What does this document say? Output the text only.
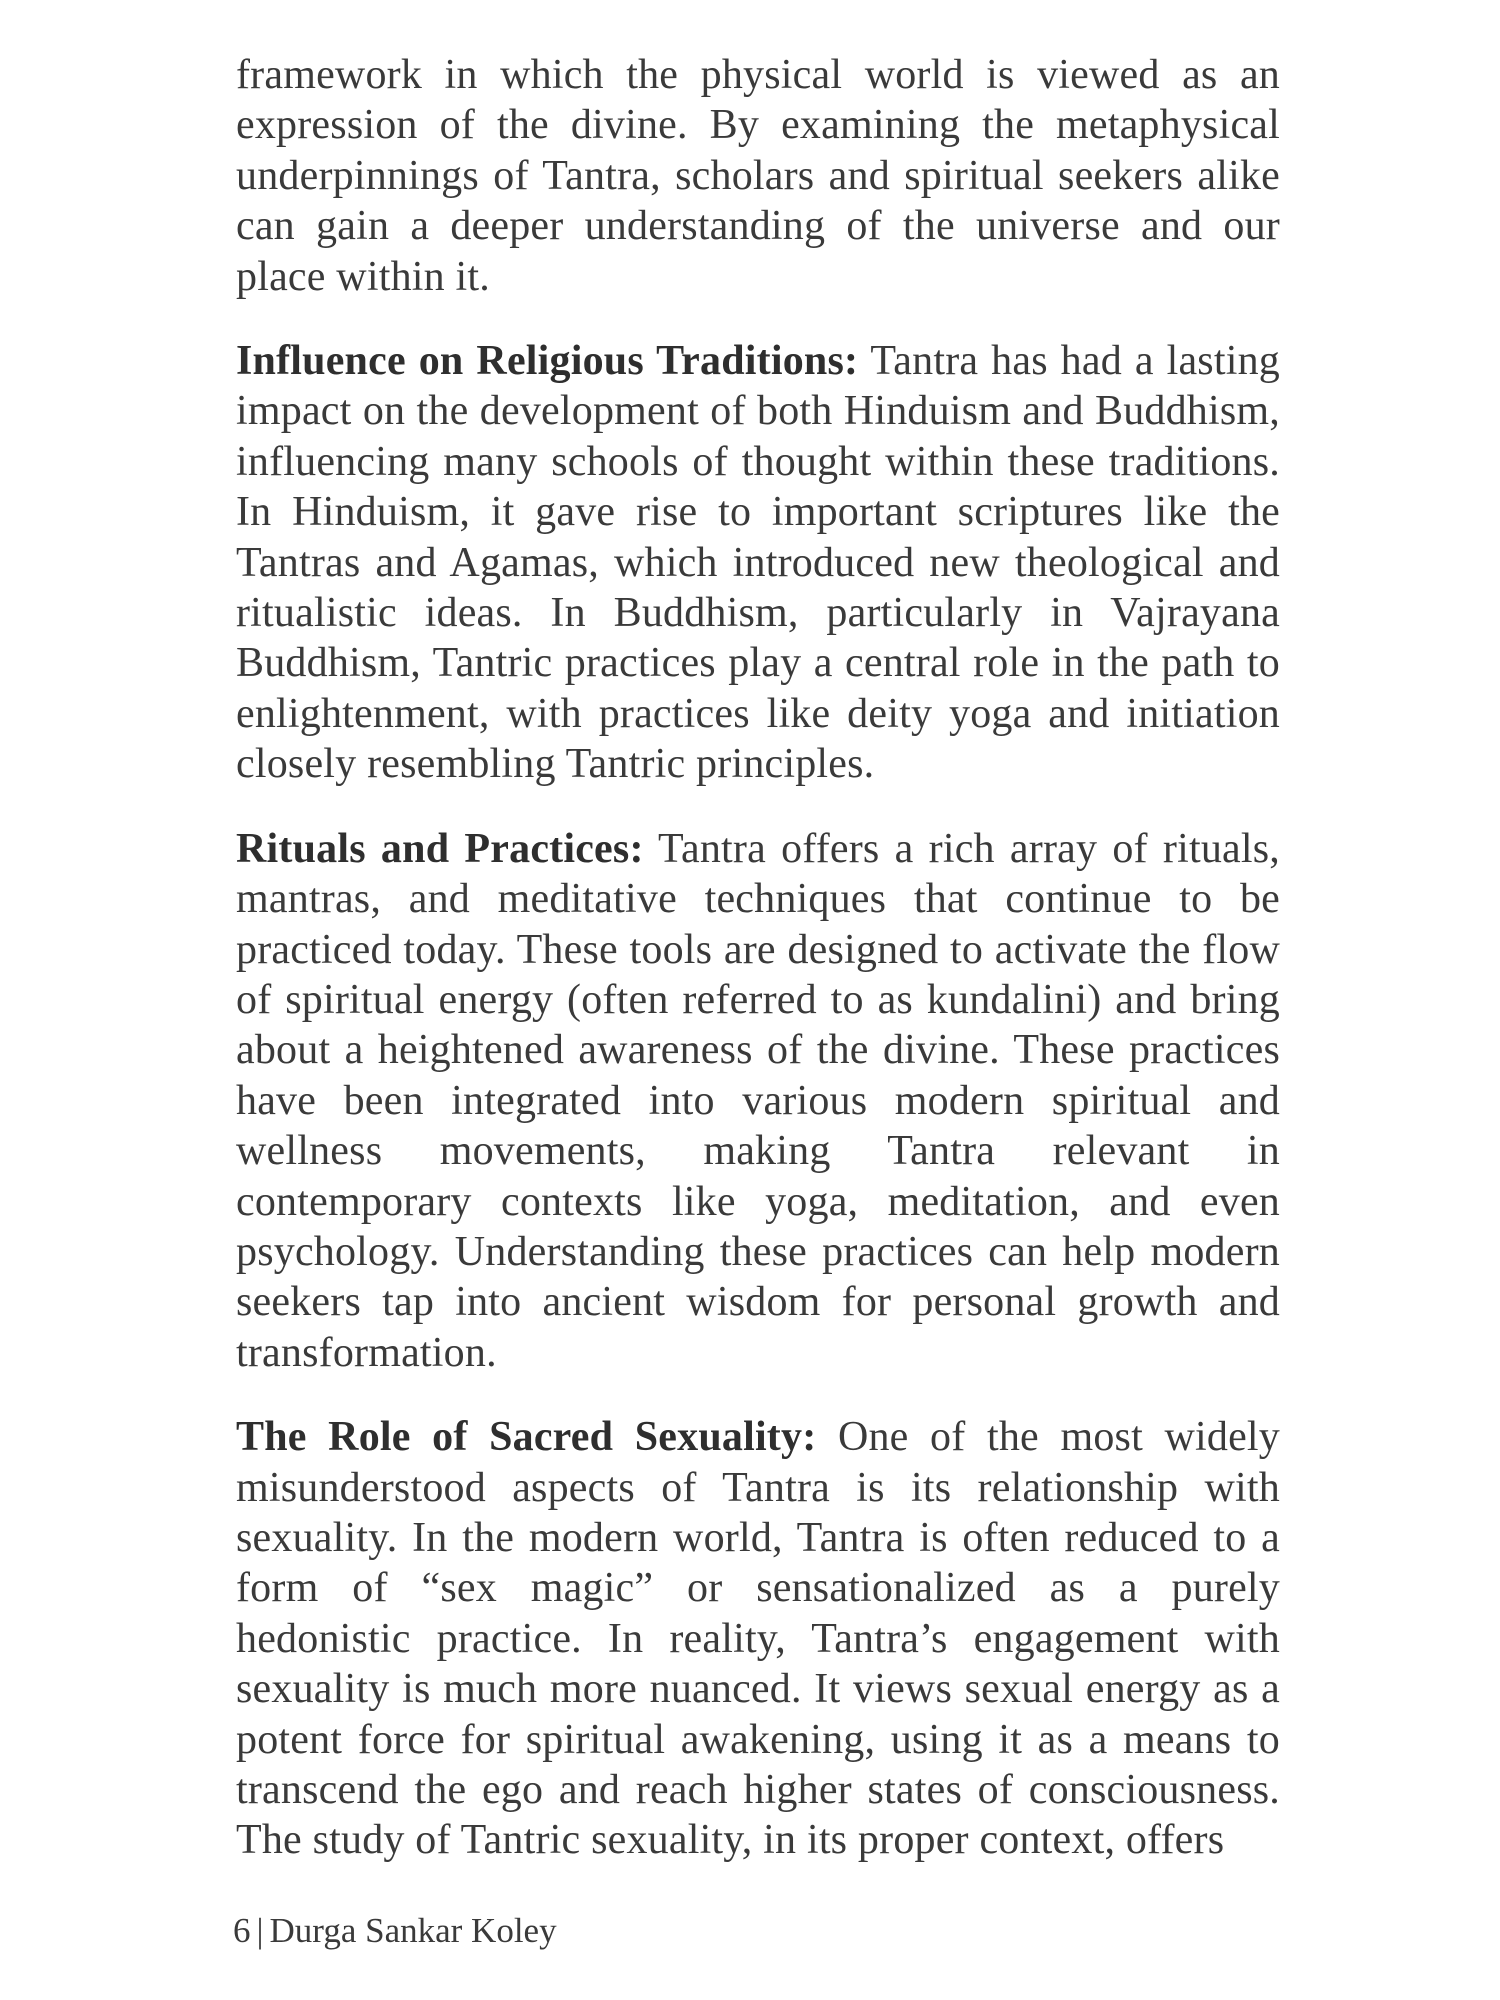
framework in which the physical world is viewed as an expression of the divine. By examining the metaphysical underpinnings of Tantra, scholars and spiritual seekers alike can gain a deeper understanding of the universe and our place within it.

Influence on Religious Traditions: Tantra has had a lasting impact on the development of both Hinduism and Buddhism, influencing many schools of thought within these traditions. In Hinduism, it gave rise to important scriptures like the Tantras and Agamas, which introduced new theological and ritualistic ideas. In Buddhism, particularly in Vajrayana Buddhism, Tantric practices play a central role in the path to enlightenment, with practices like deity yoga and initiation closely resembling Tantric principles.

Rituals and Practices: Tantra offers a rich array of rituals, mantras, and meditative techniques that continue to be practiced today. These tools are designed to activate the flow of spiritual energy (often referred to as kundalini) and bring about a heightened awareness of the divine. These practices have been integrated into various modern spiritual and wellness movements, making Tantra relevant in contemporary contexts like yoga, meditation, and even psychology. Understanding these practices can help modern seekers tap into ancient wisdom for personal growth and transformation.

The Role of Sacred Sexuality: One of the most widely misunderstood aspects of Tantra is its relationship with sexuality. In the modern world, Tantra is often reduced to a form of “sex magic” or sensationalized as a purely hedonistic practice. In reality, Tantra’s engagement with sexuality is much more nuanced. It views sexual energy as a potent force for spiritual awakening, using it as a means to transcend the ego and reach higher states of consciousness. The study of Tantric sexuality, in its proper context, offers

6 | Durga Sankar Koley
